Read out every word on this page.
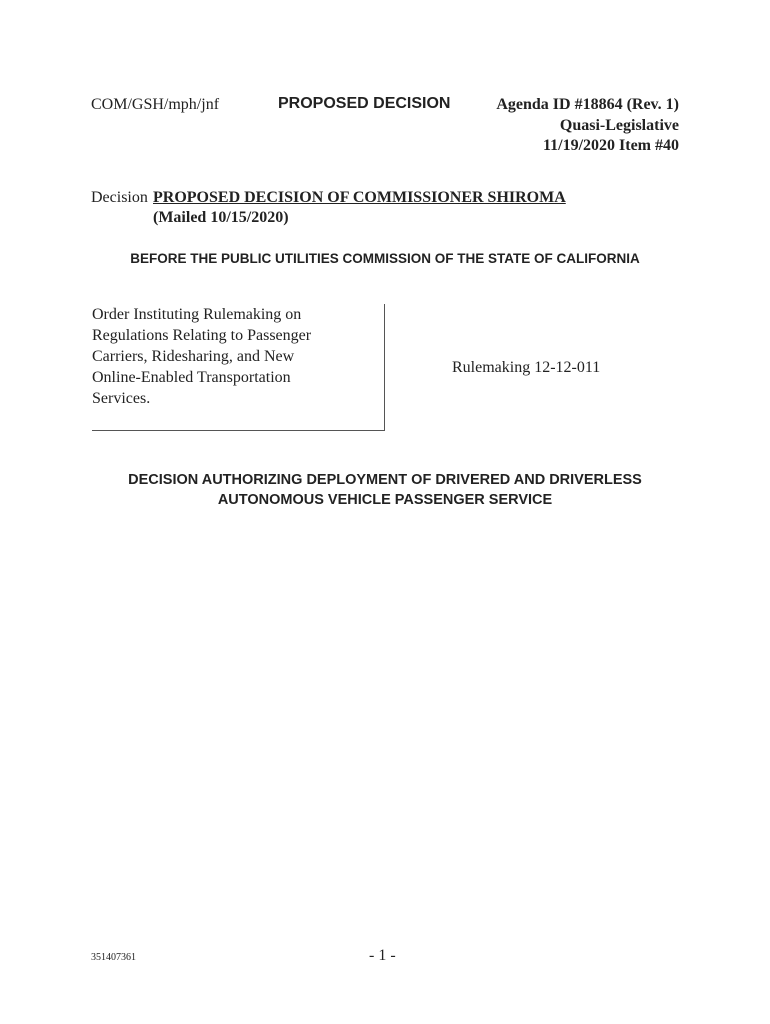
COM/GSH/mph/jnf	PROPOSED DECISION	Agenda ID #18864 (Rev. 1)
Quasi-Legislative
11/19/2020 Item #40
Decision PROPOSED DECISION OF COMMISSIONER SHIROMA
(Mailed 10/15/2020)
BEFORE THE PUBLIC UTILITIES COMMISSION OF THE STATE OF CALIFORNIA
Order Instituting Rulemaking on
Regulations Relating to Passenger
Carriers, Ridesharing, and New
Online-Enabled Transportation
Services.
Rulemaking 12-12-011
DECISION AUTHORIZING DEPLOYMENT OF DRIVERED AND DRIVERLESS
AUTONOMOUS VEHICLE PASSENGER SERVICE
351407361	- 1 -
